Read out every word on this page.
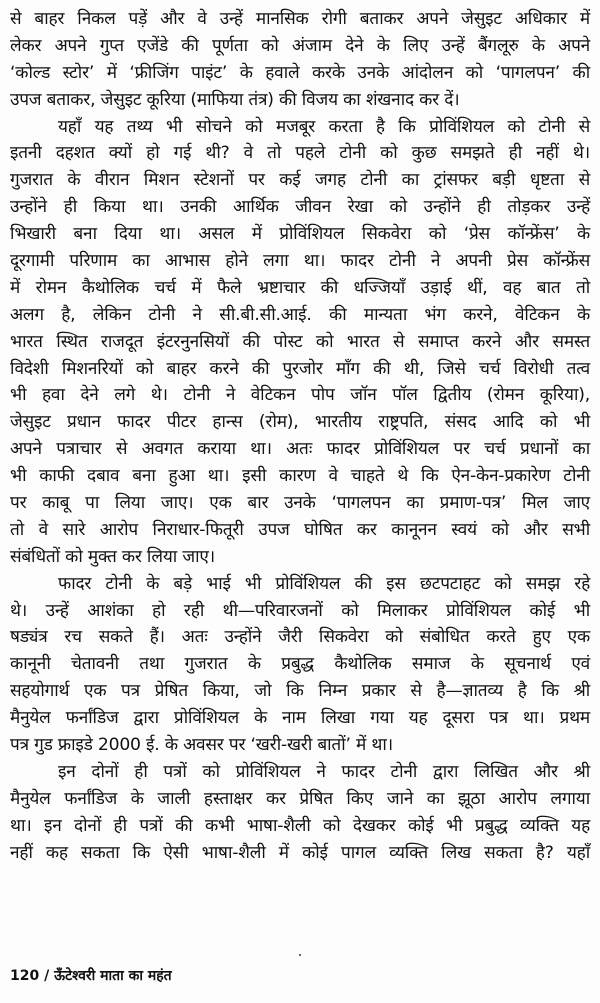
से बाहर निकल पड़ें और वे उन्हें मानसिक रोगी बताकर अपने जेसुइट अधिकार में
लेकर अपने गुप्त एजेंडे की पूर्णता को अंजाम देने के लिए उन्हें बैंगलूरु के अपने
‘कोल्ड स्टोर’ में ‘फ्रीजिंग पाइंट’ के हवाले करके उनके आंदोलन को ‘पागलपन’ की
उपज बताकर, जेसुइट कूरिया (माफिया तंत्र) की विजय का शंखनाद कर दें।
यहाँ यह तथ्य भी सोचने को मजबूर करता है कि प्रोविंशियल को टोनी से
इतनी दहशत क्यों हो गई थी? वे तो पहले टोनी को कुछ समझते ही नहीं थे।
गुजरात के वीरान मिशन स्टेशनों पर कई जगह टोनी का ट्रांसफर बड़ी धृष्टता से
उन्होंने ही किया था। उनकी आर्थिक जीवन रेखा को उन्होंने ही तोड़कर उन्हें
भिखारी बना दिया था। असल में प्रोविंशियल सिकवेरा को ‘प्रेस कॉन्फ्रेंस’ के
दूरगामी परिणाम का आभास होने लगा था। फादर टोनी ने अपनी प्रेस कॉन्फ्रेंस
में रोमन कैथोलिक चर्च में फैले भ्रष्टाचार की धज्जियाँ उड़ाई थीं, वह बात तो
अलग है, लेकिन टोनी ने सी.बी.सी.आई. की मान्यता भंग करने, वेटिकन के
भारत स्थित राजदूत इंटरनुनसियों की पोस्ट को भारत से समाप्त करने और समस्त
विदेशी मिशनरियों को बाहर करने की पुरजोर माँग की थी, जिसे चर्च विरोधी तत्व
भी हवा देने लगे थे। टोनी ने वेटिकन पोप जॉन पॉल द्वितीय (रोमन कूरिया),
जेसुइट प्रधान फादर पीटर हान्स (रोम), भारतीय राष्ट्रपति, संसद आदि को भी
अपने पत्राचार से अवगत कराया था। अतः फादर प्रोविंशियल पर चर्च प्रधानों का
भी काफी दबाव बना हुआ था। इसी कारण वे चाहते थे कि ऐन-केन-प्रकारेण टोनी
पर काबू पा लिया जाए। एक बार उनके ‘पागलपन का प्रमाण-पत्र’ मिल जाए
तो वे सारे आरोप निराधार-फितूरी उपज घोषित कर कानूनन स्वयं को और सभी
संबंधितों को मुक्त कर लिया जाए।
फादर टोनी के बड़े भाई भी प्रोविंशियल की इस छटपटाहट को समझ रहे
थे। उन्हें आशंका हो रही थी—परिवारजनों को मिलाकर प्रोविंशियल कोई भी
षड्यंत्र रच सकते हैं। अतः उन्होंने जैरी सिकवेरा को संबोधित करते हुए एक
कानूनी चेतावनी तथा गुजरात के प्रबुद्ध कैथोलिक समाज के सूचनार्थ एवं
सहयोगार्थ एक पत्र प्रेषित किया, जो कि निम्न प्रकार से है—ज्ञातव्य है कि श्री
मैनुयेल फर्नांडिज द्वारा प्रोविंशियल के नाम लिखा गया यह दूसरा पत्र था। प्रथम
पत्र गुड फ्राइडे 2000 ई. के अवसर पर ‘खरी-खरी बातों’ में था।
इन दोनों ही पत्रों को प्रोविंशियल ने फादर टोनी द्वारा लिखित और श्री
मैनुयेल फर्नांडिज के जाली हस्ताक्षर कर प्रेषित किए जाने का झूठा आरोप लगाया
था। इन दोनों ही पत्रों की कभी भाषा-शैली को देखकर कोई भी प्रबुद्ध व्यक्ति यह
नहीं कह सकता कि ऐसी भाषा-शैली में कोई पागल व्यक्ति लिख सकता है? यहाँ
120 / ऊँटेश्वरी माता का महंत
